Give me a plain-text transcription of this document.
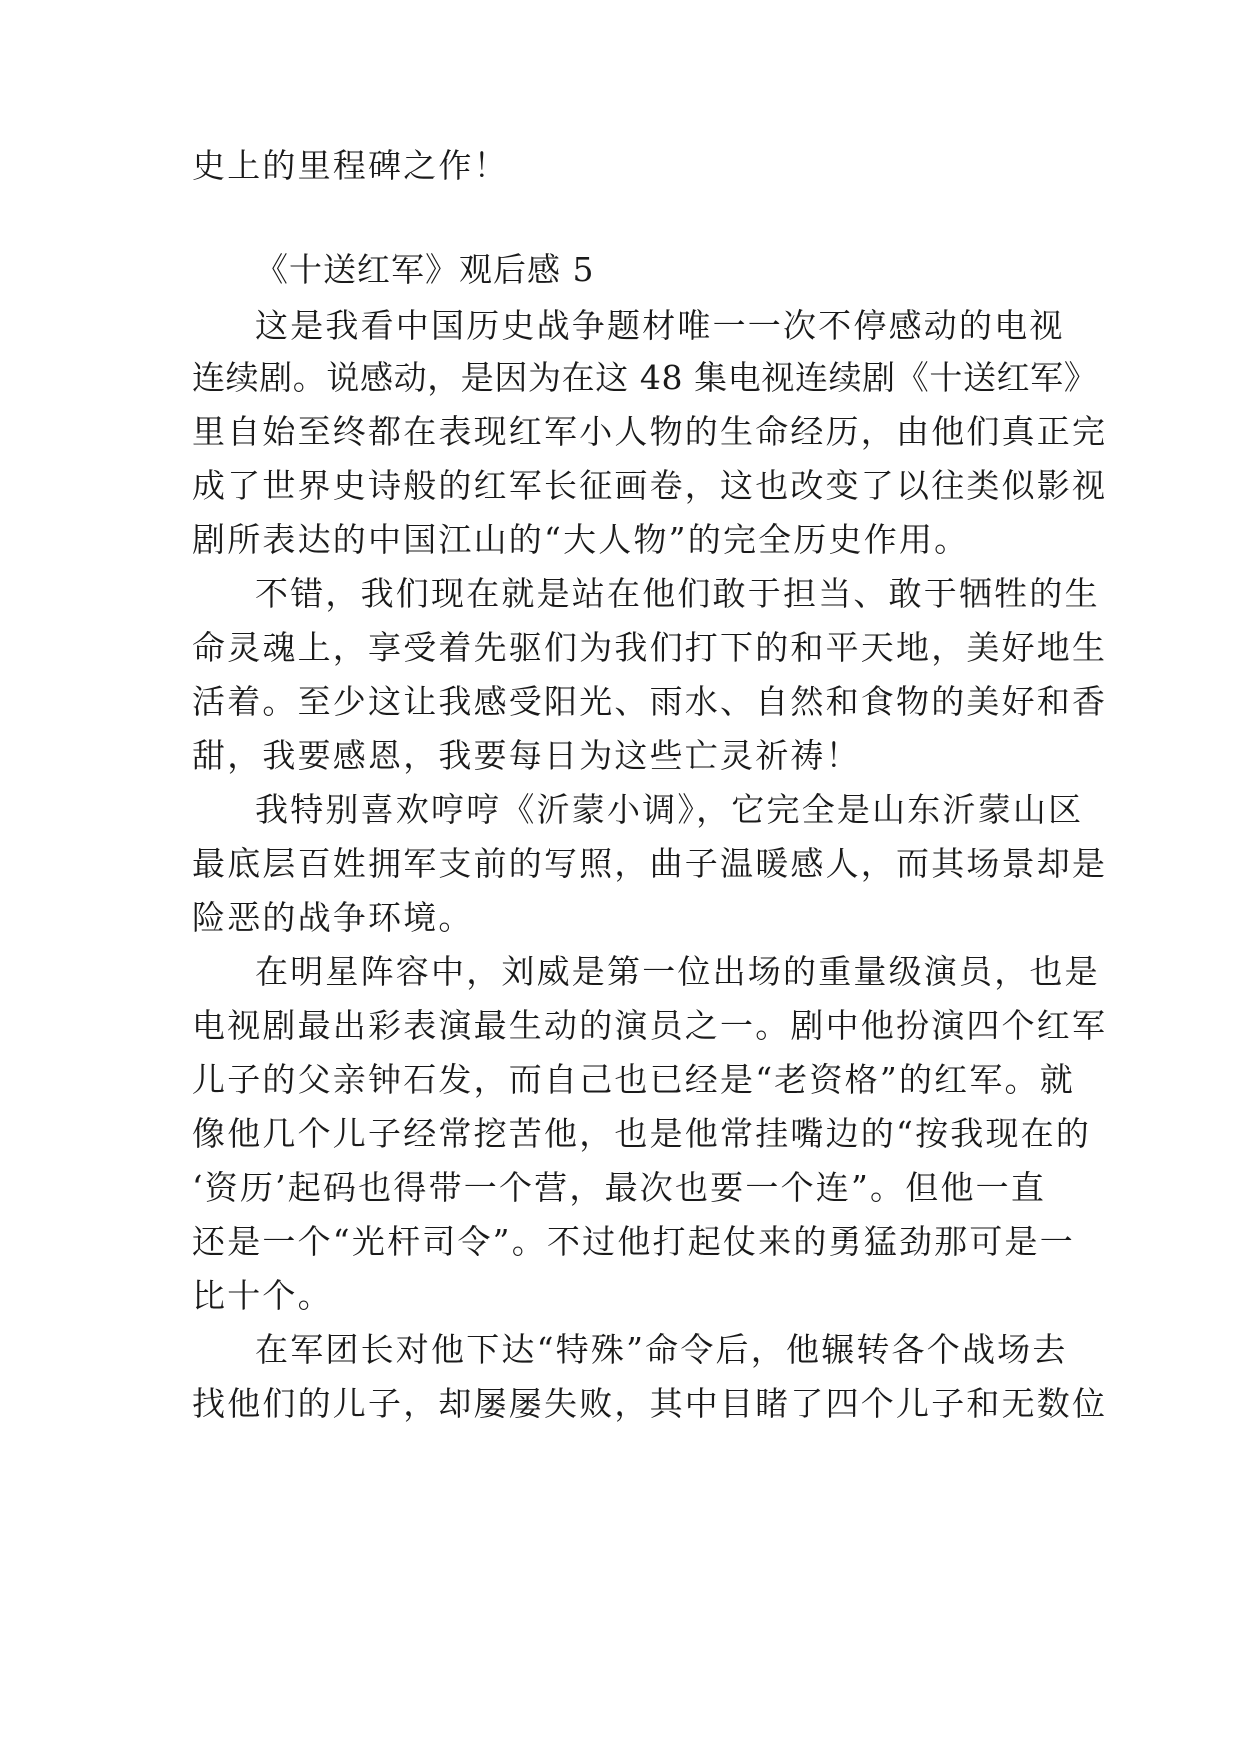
史上的里程碑之作！
《十送红军》观后感 5
这是我看中国历史战争题材唯一一次不停感动的电视
连续剧。说感动，是因为在这 48 集电视连续剧《十送红军》
里自始至终都在表现红军小人物的生命经历，由他们真正完
成了世界史诗般的红军长征画卷，这也改变了以往类似影视
剧所表达的中国江山的“大人物”的完全历史作用。
不错，我们现在就是站在他们敢于担当、敢于牺牲的生
命灵魂上，享受着先驱们为我们打下的和平天地，美好地生
活着。至少这让我感受阳光、雨水、自然和食物的美好和香
甜，我要感恩，我要每日为这些亡灵祈祷！
我特别喜欢哼哼《沂蒙小调》，它完全是山东沂蒙山区
最底层百姓拥军支前的写照，曲子温暖感人，而其场景却是
险恶的战争环境。
在明星阵容中，刘威是第一位出场的重量级演员，也是
电视剧最出彩表演最生动的演员之一。剧中他扮演四个红军
儿子的父亲钟石发，而自己也已经是“老资格”的红军。就
像他几个儿子经常挖苦他，也是他常挂嘴边的“按我现在的
‘资历’起码也得带一个营，最次也要一个连”。但他一直
还是一个“光杆司令”。不过他打起仗来的勇猛劲那可是一
比十个。
在军团长对他下达“特殊”命令后，他辗转各个战场去
找他们的儿子，却屡屡失败，其中目睹了四个儿子和无数位
